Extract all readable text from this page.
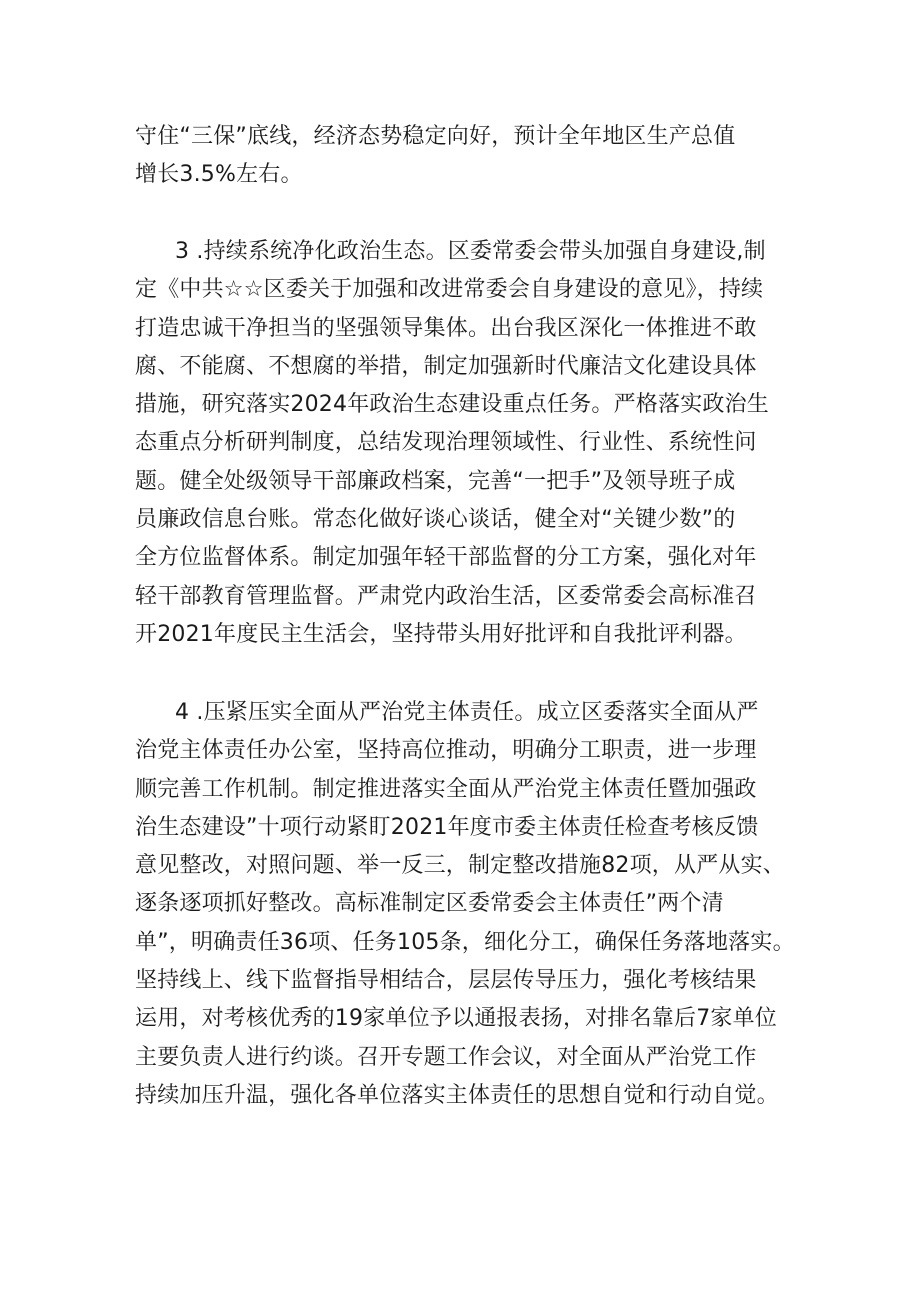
守住“三保”底线，经济态势稳定向好，预计全年地区生产总值
增长3.5%左右。
3 .持续系统净化政治生态。区委常委会带头加强自身建设,制
定《中共☆☆区委关于加强和改进常委会自身建设的意见》，持续
打造忠诚干净担当的坚强领导集体。出台我区深化一体推进不敢
腐、不能腐、不想腐的举措，制定加强新时代廉洁文化建设具体
措施，研究落实2024年政治生态建设重点任务。严格落实政治生
态重点分析研判制度，总结发现治理领域性、行业性、系统性问
题。健全处级领导干部廉政档案，完善“一把手”及领导班子成
员廉政信息台账。常态化做好谈心谈话，健全对“关键少数”的
全方位监督体系。制定加强年轻干部监督的分工方案，强化对年
轻干部教育管理监督。严肃党内政治生活，区委常委会高标准召
开2021年度民主生活会，坚持带头用好批评和自我批评利器。
4 .压紧压实全面从严治党主体责任。成立区委落实全面从严
治党主体责任办公室，坚持高位推动，明确分工职责，进一步理
顺完善工作机制。制定推进落实全面从严治党主体责任暨加强政
治生态建设”十项行动紧盯2021年度市委主体责任检查考核反馈
意见整改，对照问题、举一反三，制定整改措施82项，从严从实、
逐条逐项抓好整改。高标准制定区委常委会主体责任”两个清
单”，明确责任36项、任务105条，细化分工，确保任务落地落实。
坚持线上、线下监督指导相结合，层层传导压力，强化考核结果
运用，对考核优秀的19家单位予以通报表扬，对排名靠后7家单位
主要负责人进行约谈。召开专题工作会议，对全面从严治党工作
持续加压升温，强化各单位落实主体责任的思想自觉和行动自觉。
